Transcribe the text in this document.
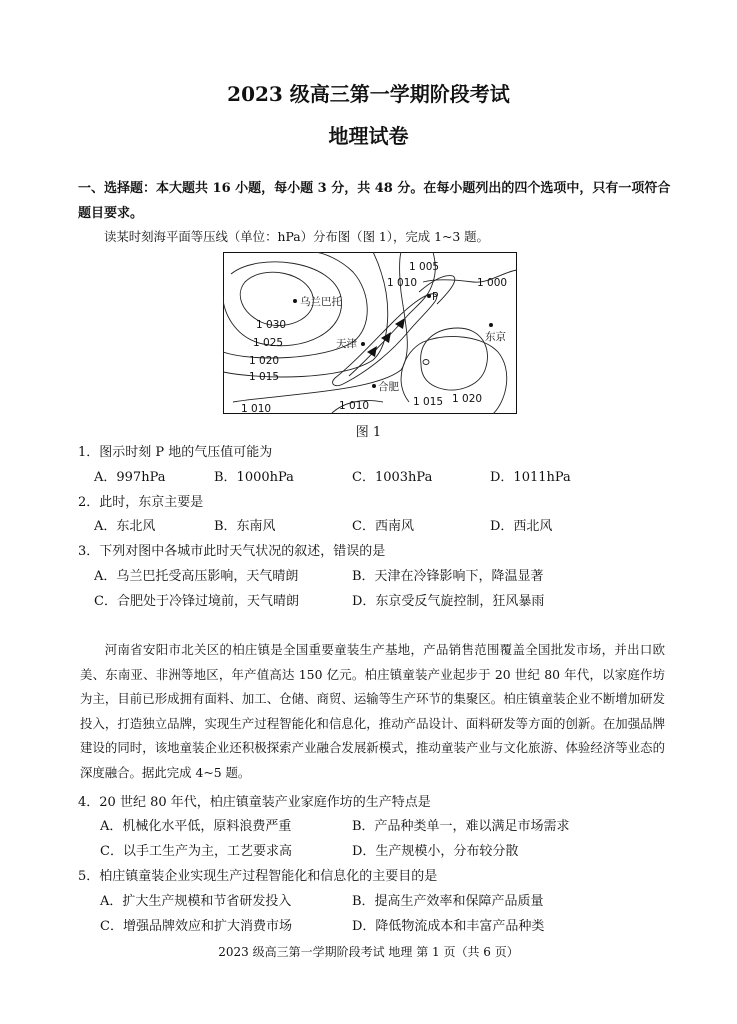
2023 级高三第一学期阶段考试
地理试卷
一、选择题：本大题共 16 小题，每小题 3 分，共 48 分。在每小题列出的四个选项中，只有一项符合题目要求。
读某时刻海平面等压线（单位：hPa）分布图（图 1），完成 1~3 题。
乌兰巴托	P
东京
天津
合肥
1 005
1 010	1 000
1 030
1 025
1 020
1 015
1 010	1 010	1 015 1 020
图 1
1．图示时刻 P 地的气压值可能为
A．997hPa	B．1000hPa	C．1003hPa	D．1011hPa
2．此时，东京主要是
A．东北风	B．东南风	C．西南风	D．西北风
3．下列对图中各城市此时天气状况的叙述，错误的是
A．乌兰巴托受高压影响，天气晴朗	B．天津在冷锋影响下，降温显著
C．合肥处于冷锋过境前，天气晴朗	D．东京受反气旋控制，狂风暴雨
河南省安阳市北关区的柏庄镇是全国重要童装生产基地，产品销售范围覆盖全国批发市场，并出口欧美、东南亚、非洲等地区，年产值高达 150 亿元。柏庄镇童装产业起步于 20 世纪 80 年代，以家庭作坊为主，目前已形成拥有面料、加工、仓储、商贸、运输等生产环节的集聚区。柏庄镇童装企业不断增加研发投入，打造独立品牌，实现生产过程智能化和信息化，推动产品设计、面料研发等方面的创新。在加强品牌建设的同时，该地童装企业还积极探索产业融合发展新模式，推动童装产业与文化旅游、体验经济等业态的深度融合。据此完成 4~5 题。
4．20 世纪 80 年代，柏庄镇童装产业家庭作坊的生产特点是
A．机械化水平低，原料浪费严重	B．产品种类单一，难以满足市场需求
C．以手工生产为主，工艺要求高	D．生产规模小，分布较分散
5．柏庄镇童装企业实现生产过程智能化和信息化的主要目的是
A．扩大生产规模和节省研发投入	B．提高生产效率和保障产品质量
C．增强品牌效应和扩大消费市场	D．降低物流成本和丰富产品种类
2023 级高三第一学期阶段考试 地理 第 1 页（共 6 页）
